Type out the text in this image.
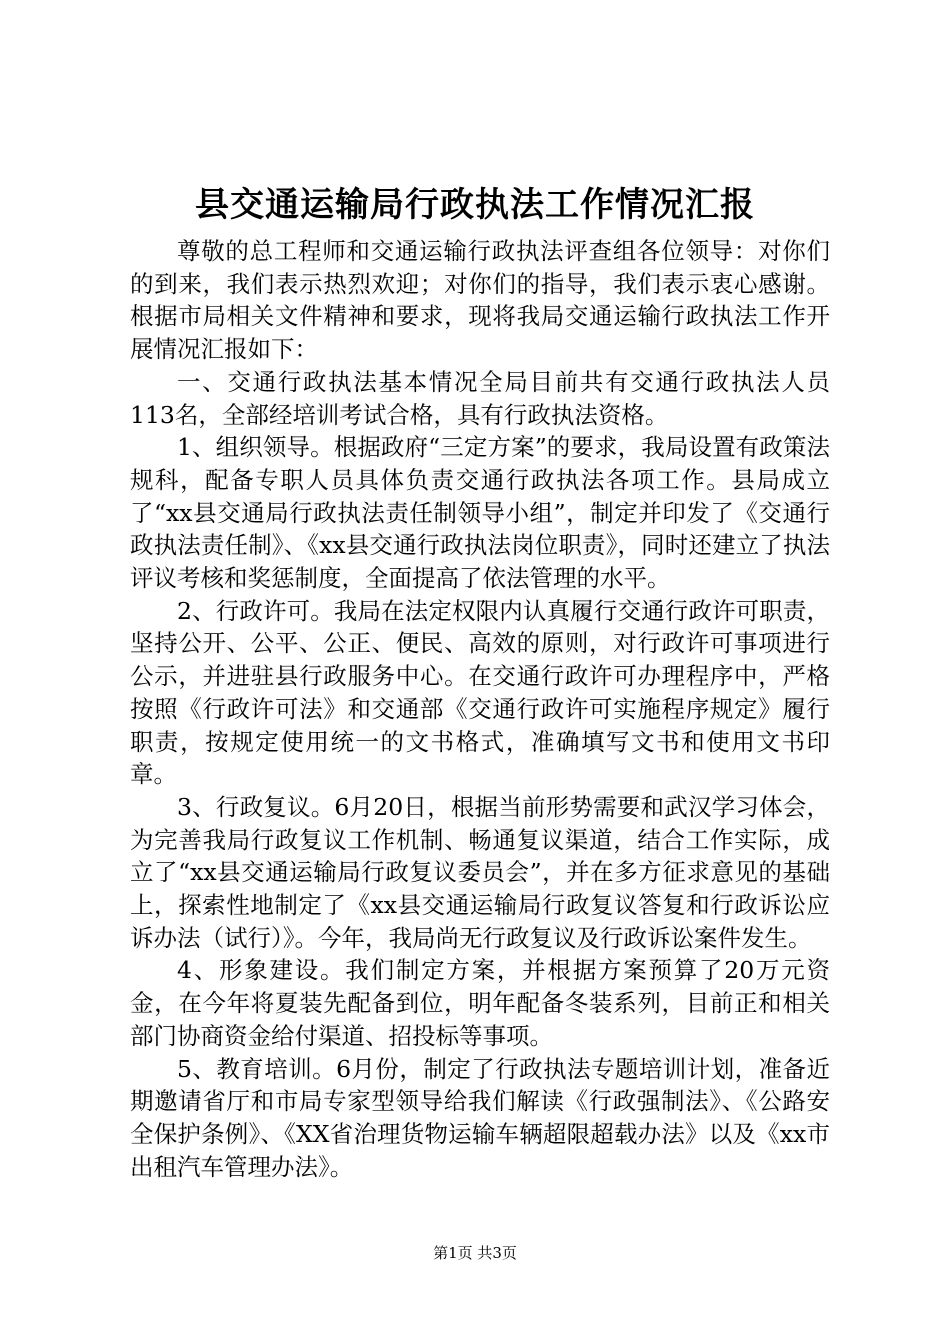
县交通运输局行政执法工作情况汇报

尊敬的总工程师和交通运输行政执法评查组各位领导：对你们的到来，我们表示热烈欢迎；对你们的指导，我们表示衷心感谢。根据市局相关文件精神和要求，现将我局交通运输行政执法工作开展情况汇报如下：

一、交通行政执法基本情况全局目前共有交通行政执法人员113名，全部经培训考试合格，具有行政执法资格。

1、组织领导。根据政府“三定方案”的要求，我局设置有政策法规科，配备专职人员具体负责交通行政执法各项工作。县局成立了“xx县交通局行政执法责任制领导小组”，制定并印发了《交通行政执法责任制》、《xx县交通行政执法岗位职责》，同时还建立了执法评议考核和奖惩制度，全面提高了依法管理的水平。

2、行政许可。我局在法定权限内认真履行交通行政许可职责，坚持公开、公平、公正、便民、高效的原则，对行政许可事项进行公示，并进驻县行政服务中心。在交通行政许可办理程序中，严格按照《行政许可法》和交通部《交通行政许可实施程序规定》履行职责，按规定使用统一的文书格式，准确填写文书和使用文书印章。

3、行政复议。6月20日，根据当前形势需要和武汉学习体会，为完善我局行政复议工作机制、畅通复议渠道，结合工作实际，成立了“xx县交通运输局行政复议委员会”，并在多方征求意见的基础上，探索性地制定了《xx县交通运输局行政复议答复和行政诉讼应诉办法（试行）》。今年，我局尚无行政复议及行政诉讼案件发生。

4、形象建设。我们制定方案，并根据方案预算了20万元资金，在今年将夏装先配备到位，明年配备冬装系列，目前正和相关部门协商资金给付渠道、招投标等事项。

5、教育培训。6月份，制定了行政执法专题培训计划，准备近期邀请省厅和市局专家型领导给我们解读《行政强制法》、《公路安全保护条例》、《XX省治理货物运输车辆超限超载办法》以及《xx市出租汽车管理办法》。

第1页 共3页
